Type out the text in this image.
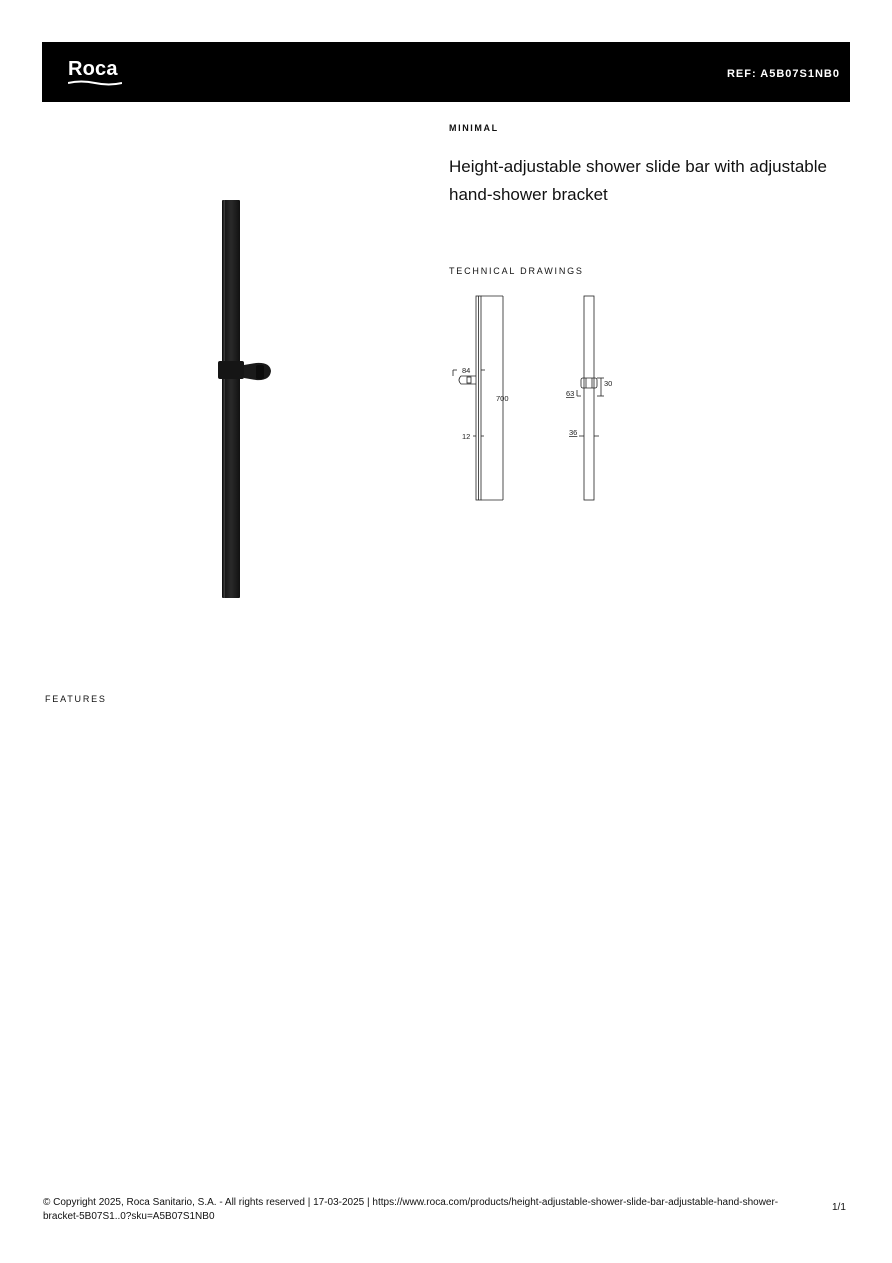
Roca	REF: A5B07S1NB0
MINIMAL
Height-adjustable shower slide bar with adjustable hand-shower bracket
TECHNICAL DRAWINGS
84
700
12
63
30
36
FEATURES
© Copyright 2025, Roca Sanitario, S.A. - All rights reserved | 17-03-2025 | https://www.roca.com/products/height-adjustable-shower-slide-bar-adjustable-hand-shower-bracket-5B07S1..0?sku=A5B07S1NB0
1/1
